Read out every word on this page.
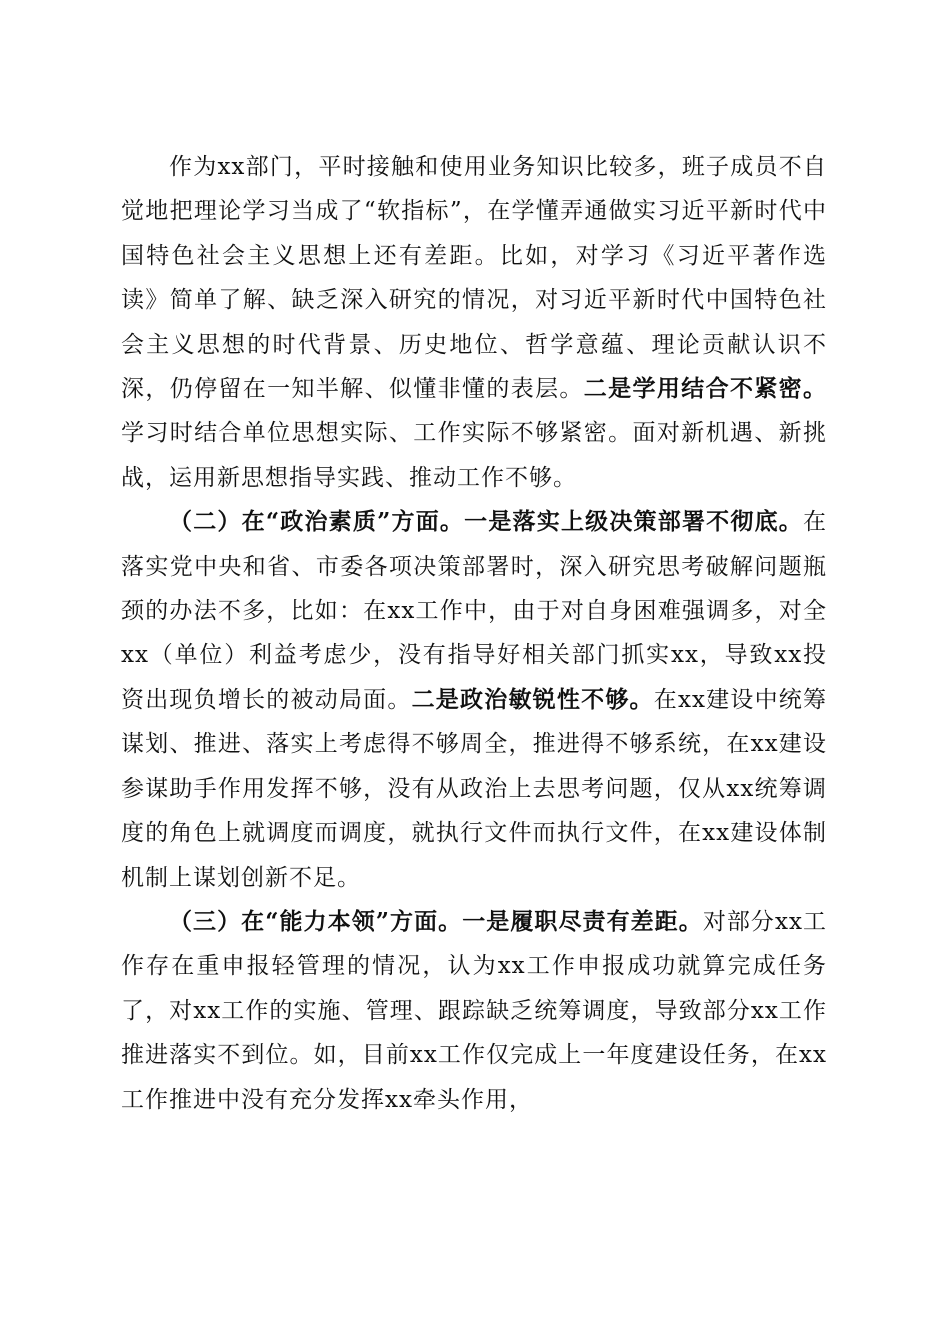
作为xx部门，平时接触和使用业务知识比较多，班子成员不自觉地把理论学习当成了“软指标”，在学懂弄通做实习近平新时代中国特色社会主义思想上还有差距。比如，对学习《习近平著作选读》简单了解、缺乏深入研究的情况，对习近平新时代中国特色社会主义思想的时代背景、历史地位、哲学意蕴、理论贡献认识不深，仍停留在一知半解、似懂非懂的表层。二是学用结合不紧密。学习时结合单位思想实际、工作实际不够紧密。面对新机遇、新挑战，运用新思想指导实践、推动工作不够。

（二）在“政治素质”方面。一是落实上级决策部署不彻底。在落实党中央和省、市委各项决策部署时，深入研究思考破解问题瓶颈的办法不多，比如：在xx工作中，由于对自身困难强调多，对全xx（单位）利益考虑少，没有指导好相关部门抓实xx，导致xx投资出现负增长的被动局面。二是政治敏锐性不够。在xx建设中统筹谋划、推进、落实上考虑得不够周全，推进得不够系统，在xx建设参谋助手作用发挥不够，没有从政治上去思考问题，仅从xx统筹调度的角色上就调度而调度，就执行文件而执行文件，在xx建设体制机制上谋划创新不足。

（三）在“能力本领”方面。一是履职尽责有差距。对部分xx工作存在重申报轻管理的情况，认为xx工作申报成功就算完成任务了，对xx工作的实施、管理、跟踪缺乏统筹调度，导致部分xx工作推进落实不到位。如，目前xx工作仅完成上一年度建设任务，在xx工作推进中没有充分发挥xx牵头作用，
